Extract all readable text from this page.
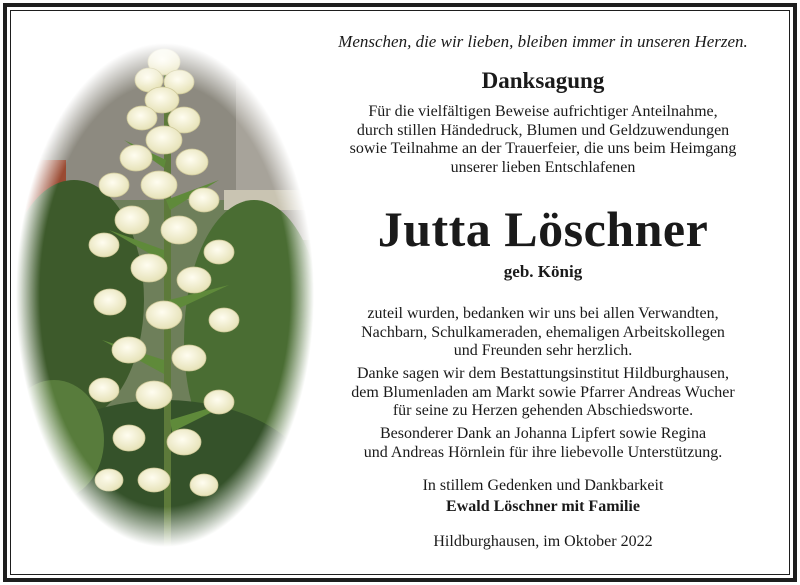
Menschen, die wir lieben, bleiben immer in unseren Herzen.

Danksagung

Für die vielfältigen Beweise aufrichtiger Anteilnahme,
durch stillen Händedruck, Blumen und Geldzuwendungen
sowie Teilnahme an der Trauerfeier, die uns beim Heimgang
unserer lieben Entschlafenen

Jutta Löschner

geb. König

zuteil wurden, bedanken wir uns bei allen Verwandten,
Nachbarn, Schulkameraden, ehemaligen Arbeitskollegen
und Freunden sehr herzlich.

Danke sagen wir dem Bestattungsinstitut Hildburghausen,
dem Blumenladen am Markt sowie Pfarrer Andreas Wucher
für seine zu Herzen gehenden Abschiedsworte.

Besonderer Dank an Johanna Lipfert sowie Regina
und Andreas Hörnlein für ihre liebevolle Unterstützung.

In stillem Gedenken und Dankbarkeit

Ewald Löschner mit Familie

Hildburghausen, im Oktober 2022
